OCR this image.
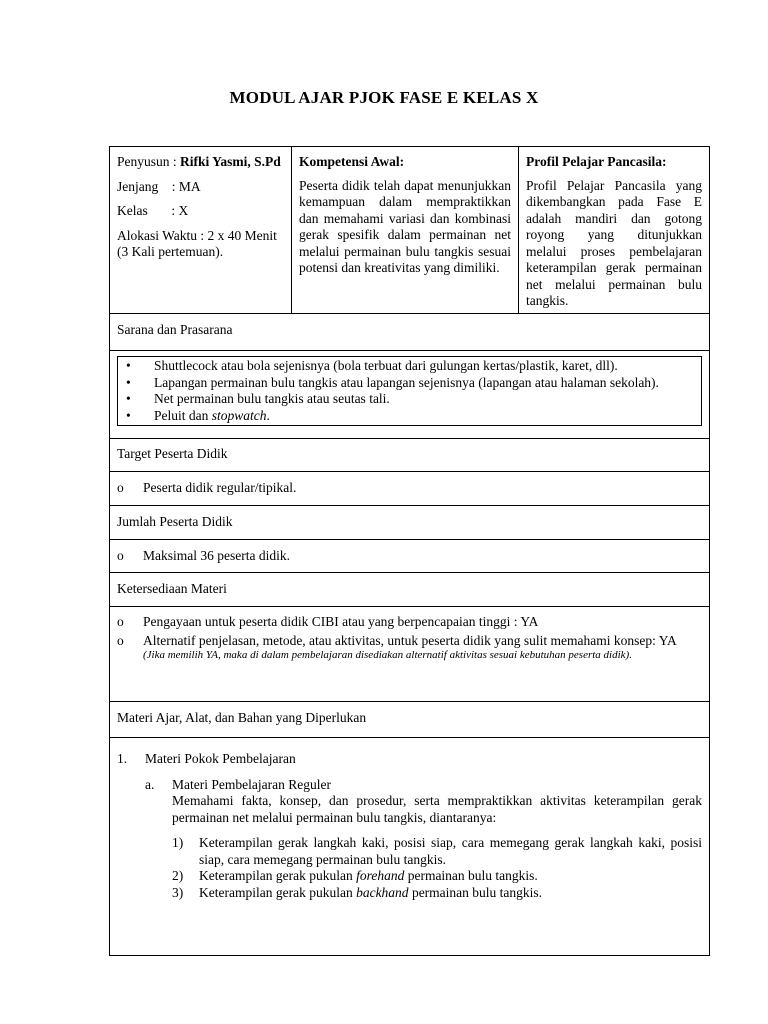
MODUL AJAR PJOK FASE E KELAS X
Penyusun : Rifki Yasmi, S.Pd
Jenjang    : MA
Kelas       : X
Alokasi Waktu : 2 x 40 Menit (3 Kali pertemuan).
Kompetensi Awal:
Peserta didik telah dapat menunjukkan kemampuan dalam mempraktikkan dan memahami variasi dan kombinasi gerak spesifik dalam permainan net melalui permainan bulu tangkis sesuai potensi dan kreativitas yang dimiliki.
Profil Pelajar Pancasila:
Profil Pelajar Pancasila yang dikembangkan pada Fase E adalah mandiri dan gotong royong yang ditunjukkan melalui proses pembelajaran keterampilan gerak permainan net melalui permainan bulu tangkis.
Sarana dan Prasarana
• Shuttlecock atau bola sejenisnya (bola terbuat dari gulungan kertas/plastik, karet, dll).
• Lapangan permainan bulu tangkis atau lapangan sejenisnya (lapangan atau halaman sekolah).
• Net permainan bulu tangkis atau seutas tali.
• Peluit dan stopwatch.
Target Peserta Didik
o Peserta didik regular/tipikal.
Jumlah Peserta Didik
o Maksimal 36 peserta didik.
Ketersediaan Materi
o Pengayaan untuk peserta didik CIBI atau yang berpencapaian tinggi : YA
o Alternatif penjelasan, metode, atau aktivitas, untuk peserta didik yang sulit memahami konsep: YA
(Jika memilih YA, maka di dalam pembelajaran disediakan alternatif aktivitas sesuai kebutuhan peserta didik).
Materi Ajar, Alat, dan Bahan yang Diperlukan
1. Materi Pokok Pembelajaran
a. Materi Pembelajaran Reguler
Memahami fakta, konsep, dan prosedur, serta mempraktikkan aktivitas keterampilan gerak permainan net melalui permainan bulu tangkis, diantaranya:
1) Keterampilan gerak langkah kaki, posisi siap, cara memegang gerak langkah kaki, posisi siap, cara memegang permainan bulu tangkis.
2) Keterampilan gerak pukulan forehand permainan bulu tangkis.
3) Keterampilan gerak pukulan backhand permainan bulu tangkis.
